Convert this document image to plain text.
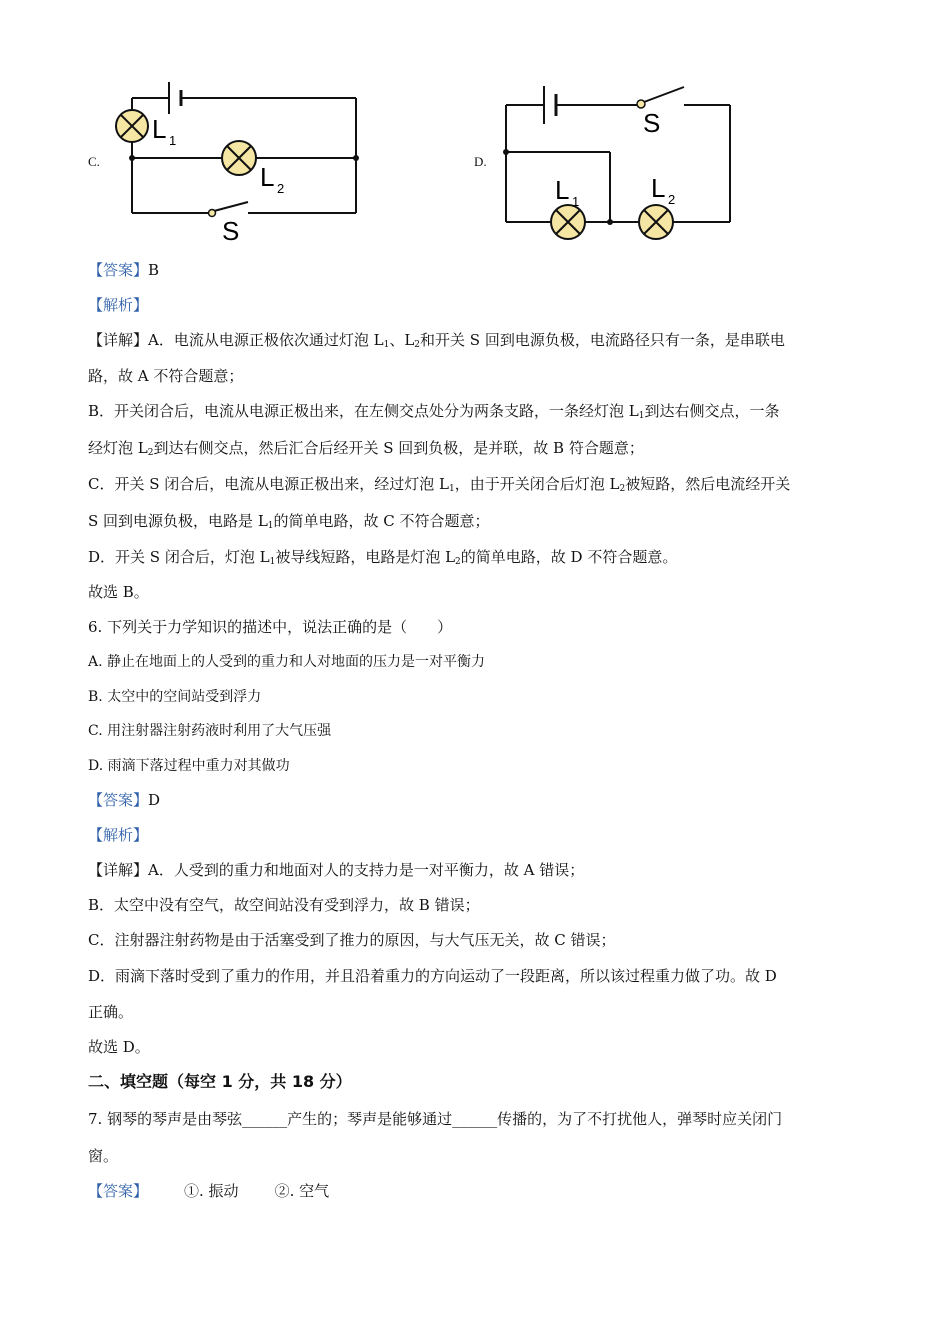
C.
L 1
L 2
S
D.
S
L 1	L 2
【答案】B
【解析】
【详解】A．电流从电源正极依次通过灯泡 $L_1$、$L_2$和开关 S 回到电源负极，电流路径只有一条，是串联电
路，故 A 不符合题意；
B．开关闭合后，电流从电源正极出来，在左侧交点处分为两条支路，一条经灯泡 $L_1$到达右侧交点，一条
经灯泡 $L_2$到达右侧交点，然后汇合后经开关 S 回到负极，是并联，故 B 符合题意；
C．开关 S 闭合后，电流从电源正极出来，经过灯泡 $L_1$，由于开关闭合后灯泡 $L_2$被短路，然后电流经开关
S 回到电源负极，电路是 $L_1$的简单电路，故 C 不符合题意；
D．开关 S 闭合后，灯泡 $L_1$被导线短路，电路是灯泡 $L_2$的简单电路，故 D 不符合题意。
故选 B。
6. 下列关于力学知识的描述中，说法正确的是（　　）
A. 静止在地面上的人受到的重力和人对地面的压力是一对平衡力
B. 太空中的空间站受到浮力
C. 用注射器注射药液时利用了大气压强
D. 雨滴下落过程中重力对其做功
【答案】D
【解析】
【详解】A．人受到的重力和地面对人的支持力是一对平衡力，故 A 错误；
B．太空中没有空气，故空间站没有受到浮力，故 B 错误；
C．注射器注射药物是由于活塞受到了推力的原因，与大气压无关，故 C 错误；
D．雨滴下落时受到了重力的作用，并且沿着重力的方向运动了一段距离，所以该过程重力做了功。故 D
正确。
故选 D。
二、填空题（每空 1 分，共 18 分）
7. 钢琴的琴声是由琴弦______产生的；琴声是能够通过______传播的，为了不打扰他人，弹琴时应关闭门
窗。
【答案】 ①. 振动 ②. 空气
